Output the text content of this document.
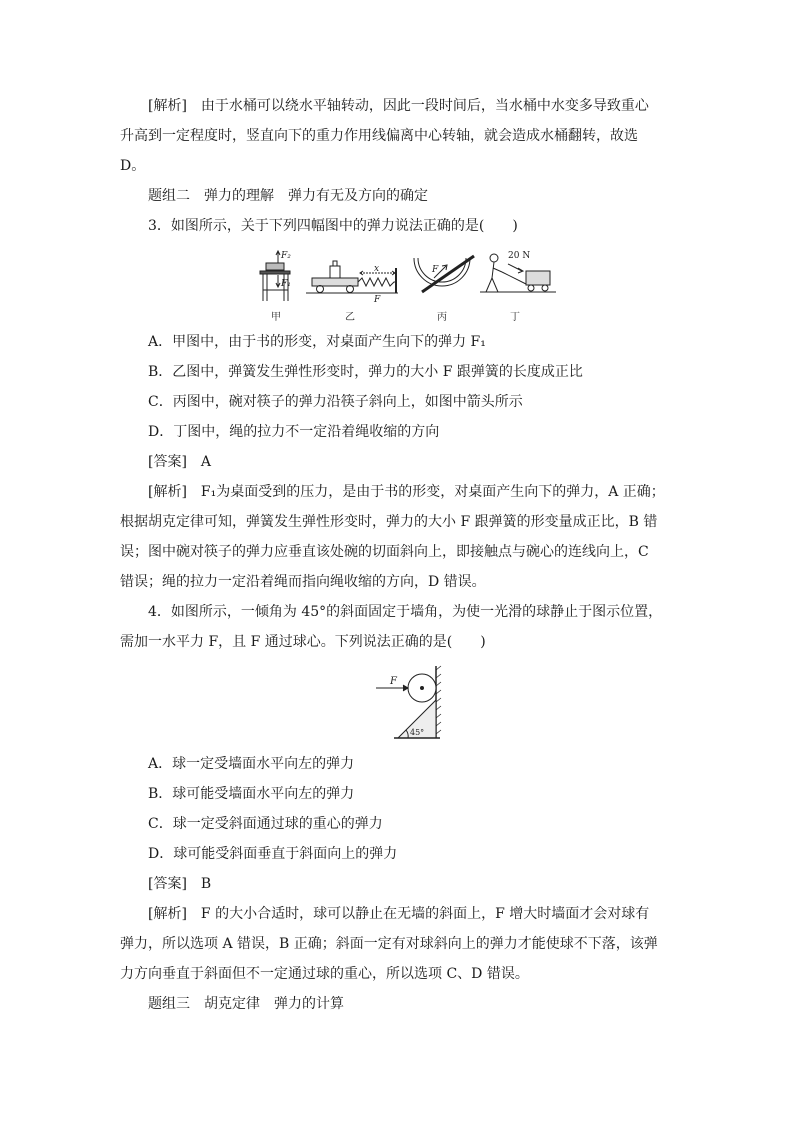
[解析]　由于水桶可以绕水平轴转动，因此一段时间后，当水桶中水变多导致重心
升高到一定程度时，竖直向下的重力作用线偏离中心转轴，就会造成水桶翻转，故选
D。
题组二　弹力的理解　弹力有无及方向的确定
3．如图所示，关于下列四幅图中的弹力说法正确的是(　　)
F₂
F₁
x
F
F
20 N
甲	乙	丙	丁
A．甲图中，由于书的形变，对桌面产生向下的弹力 F₁
B．乙图中，弹簧发生弹性形变时，弹力的大小 F 跟弹簧的长度成正比
C．丙图中，碗对筷子的弹力沿筷子斜向上，如图中箭头所示
D．丁图中，绳的拉力不一定沿着绳收缩的方向
[答案]　A
[解析]　F₁为桌面受到的压力，是由于书的形变，对桌面产生向下的弹力，A 正确；
根据胡克定律可知，弹簧发生弹性形变时，弹力的大小 F 跟弹簧的形变量成正比，B 错
误；图中碗对筷子的弹力应垂直该处碗的切面斜向上，即接触点与碗心的连线向上，C
错误；绳的拉力一定沿着绳而指向绳收缩的方向，D 错误。
4．如图所示，一倾角为 45°的斜面固定于墙角，为使一光滑的球静止于图示位置，
需加一水平力 F，且 F 通过球心。下列说法正确的是(　　)
F
45°
A．球一定受墙面水平向左的弹力
B．球可能受墙面水平向左的弹力
C．球一定受斜面通过球的重心的弹力
D．球可能受斜面垂直于斜面向上的弹力
[答案]　B
[解析]　F 的大小合适时，球可以静止在无墙的斜面上，F 增大时墙面才会对球有
弹力，所以选项 A 错误，B 正确；斜面一定有对球斜向上的弹力才能使球不下落，该弹
力方向垂直于斜面但不一定通过球的重心，所以选项 C、D 错误。
题组三　胡克定律　弹力的计算
